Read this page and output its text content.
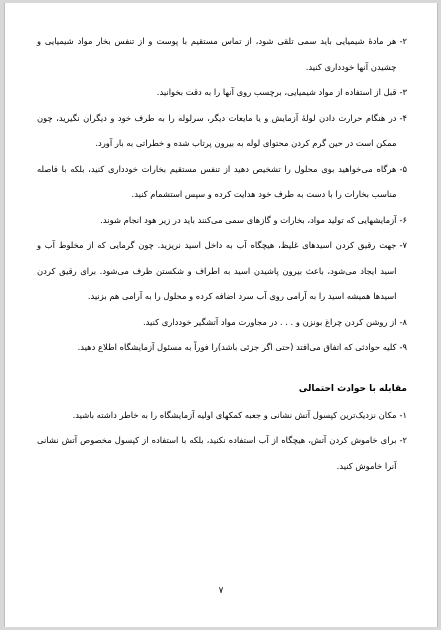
۲-
هر مادهٔ شیمیایی باید سمی تلقی شود، از تماس مستقیم با پوست و از تنفس بخار مواد شیمیایی و چشیدن آنها خودداری کنید.
۳-
قبل از استفاده از مواد شیمیایی، برچسب روی آنها را به دقت بخوانید.
۴-
در هنگام حرارت دادن لولهٔ آزمایش و یا مایعات دیگر، سرلوله را به طرف خود و دیگران نگیرید، چون ممکن است در حین گرم کردن محتوای لوله به بیرون پرتاب شده و خطراتی به بار آورد.
۵-
هرگاه می‌خواهید بوی محلول را تشخیص دهید از تنفس مستقیم بخارات خودداری کنید، بلکه با فاصله مناسب بخارات را با دست به طرف خود هدایت کرده و سپس استشمام کنید.
۶-
آزمایشهایی که تولید مواد، بخارات و گازهای سمی می‌کنند باید در زیر هود انجام شوند.
۷-
جهت رقیق کردن اسیدهای غلیظ، هیچگاه آب به داخل اسید نریزید. چون گرمایی که از مخلوط آب و اسید ایجاد می‌شود، باعث بیرون پاشیدن اسید به اطراف و شکستن ظرف می‌شود. برای رقیق کردن اسیدها همیشه اسید را به آرامی روی آب سرد اضافه کرده و محلول را به آرامی هم بزنید.
۸-
از روشن کردن چراغ بونزن و . . . در مجاورت مواد آتشگیر خودداری کنید.
۹-
کلیه حوادثی که اتفاق می‌افتد (حتی اگر جزئی باشد)را فوراً به مسئول آزمایشگاه اطلاع دهید.
مقابله با حوادث احتمالی
۱-
مکان نزدیک‌ترین کپسول آتش نشانی و جعبه کمکهای اولیه آزمایشگاه را به خاطر داشته باشید.
۲-
برای خاموش کردن آتش، هیچگاه از آب استفاده نکنید، بلکه با استفاده از کپسول مخصوص آتش نشانی آنرا خاموش کنید.
۷
